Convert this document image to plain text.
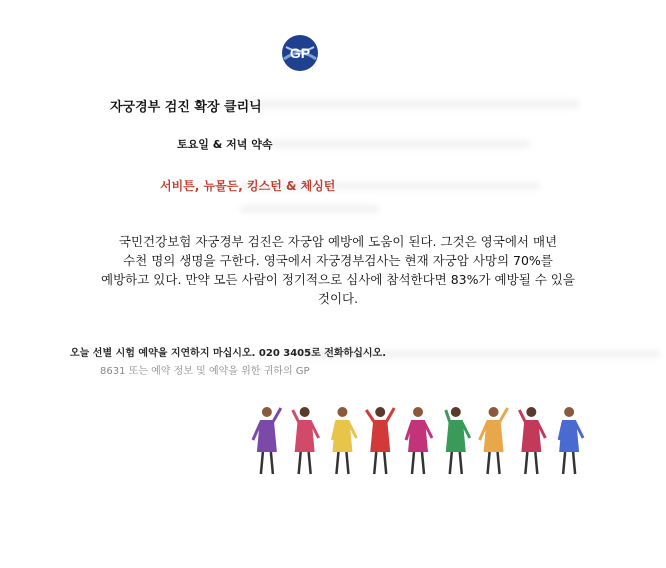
GP
자궁경부 검진 확장 클리닉
토요일 & 저녁 약속
서비튼, 뉴몰든, 킹스턴 & 체싱턴
국민건강보험 자궁경부 검진은 자궁암 예방에 도움이 된다. 그것은 영국에서 매년
수천 명의 생명을 구한다. 영국에서 자궁경부검사는 현재 자궁암 사망의 70%를
예방하고 있다. 만약 모든 사람이 정기적으로 심사에 참석한다면 83%가 예방될 수 있을
것이다.
오늘 선별 시험 예약을 지연하지 마십시오. 020 3405로 전화하십시오.
8631 또는 예약 정보 및 예약을 위한 귀하의 GP
